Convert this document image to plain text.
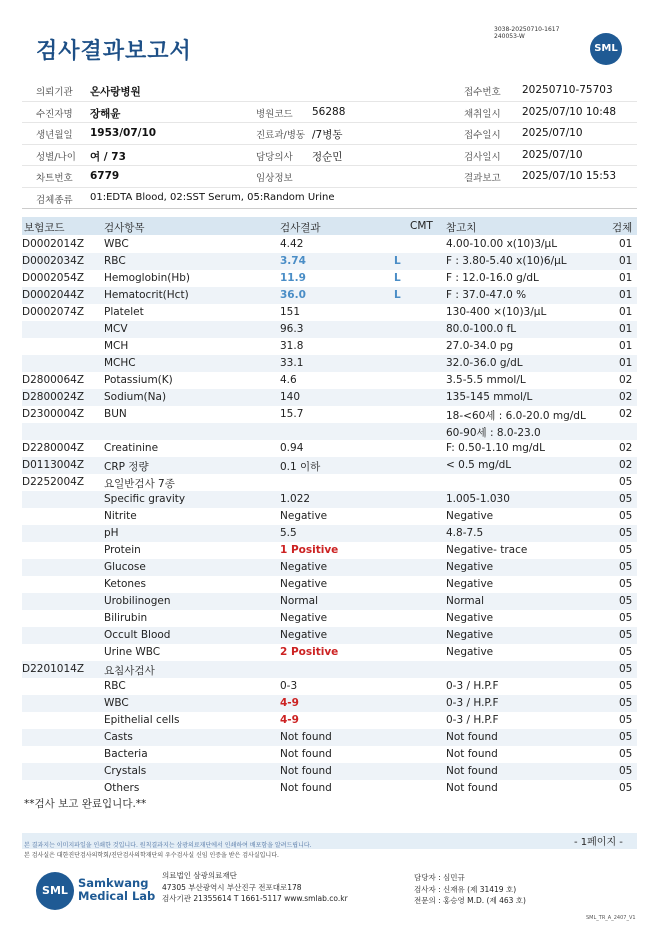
검사결과보고서
3038-20250710-1617
240053-W
SML
의뢰기관 온사랑병원	접수번호 20250710-75703
수진자명 장해윤	병원코드 56288	채취일시 2025/07/10 10:48
생년월일 1953/07/10	진료과/병동 /7병동	접수일시 2025/07/10
성별/나이 여 / 73	담당의사 정순민	검사일시 2025/07/10
차트번호 6779	임상정보	결과보고 2025/07/10 15:53
검체종류 01:EDTA Blood, 02:SST Serum, 05:Random Urine
보험코드	검사항목	검사결과	CMT 참고치	검체
D0002014Z WBC	4.42	4.00-10.00 x(10)3/μL	01
D0002034Z RBC	3.74	L	F : 3.80-5.40 x(10)6/μL	01
D0002054Z Hemoglobin(Hb)	11.9	L	F : 12.0-16.0 g/dL	01
D0002044Z Hematocrit(Hct)	36.0	L	F : 37.0-47.0 %	01
D0002074Z Platelet	151	130-400 ×(10)3/μL	01
MCV	96.3	80.0-100.0 fL	01
MCH	31.8	27.0-34.0 pg	01
MCHC	33.1	32.0-36.0 g/dL	01
D2800064Z Potassium(K)	4.6	3.5-5.5 mmol/L	02
D2800024Z Sodium(Na)	140	135-145 mmol/L	02
D2300004Z BUN	15.7	18-<60세 : 6.0-20.0 mg/dL	02
60-90세 : 8.0-23.0
D2280004Z Creatinine	0.94	F: 0.50-1.10 mg/dL	02
D0113004Z CRP 정량	0.1 이하	< 0.5 mg/dL	02
D2252004Z 요일반검사 7종	05
Specific gravity	1.022	1.005-1.030	05
Nitrite	Negative	Negative	05
pH	5.5	4.8-7.5	05
Protein	1 Positive	Negative- trace	05
Glucose	Negative	Negative	05
Ketones	Negative	Negative	05
Urobilinogen	Normal	Normal	05
Bilirubin	Negative	Negative	05
Occult Blood	Negative	Negative	05
Urine WBC	2 Positive	Negative	05
D2201014Z 요침사검사	05
RBC	0-3	0-3 / H.P.F	05
WBC	4-9	0-3 / H.P.F	05
Epithelial cells	4-9	0-3 / H.P.F	05
Casts	Not found	Not found	05
Bacteria	Not found	Not found	05
Crystals	Not found	Not found	05
Others	Not found	Not found	05
**검사 보고 완료입니다.**
본 결과지는 이미지파일을 인쇄한 것입니다. 원칙결과지는 삼광의료재단에서 인쇄하여 배포함을 알려드립니다.
본 검사실은 대한진단검사의학회/진단검사의학재단의 우수검사실 신임 인증을 받은 검사실입니다.
- 1페이지 -
SML
Samkwang
Medical Lab
의료법인 삼광의료재단
47305 부산광역시 부산진구 전포대로178
검사기관 21355614 T 1661-5117 www.smlab.co.kr
담당자 : 심민규
검사자 : 신재유 (제 31419 호)
전문의 : 홍승영 M.D. (제 463 호)
SML_TR_A_2407_V1
